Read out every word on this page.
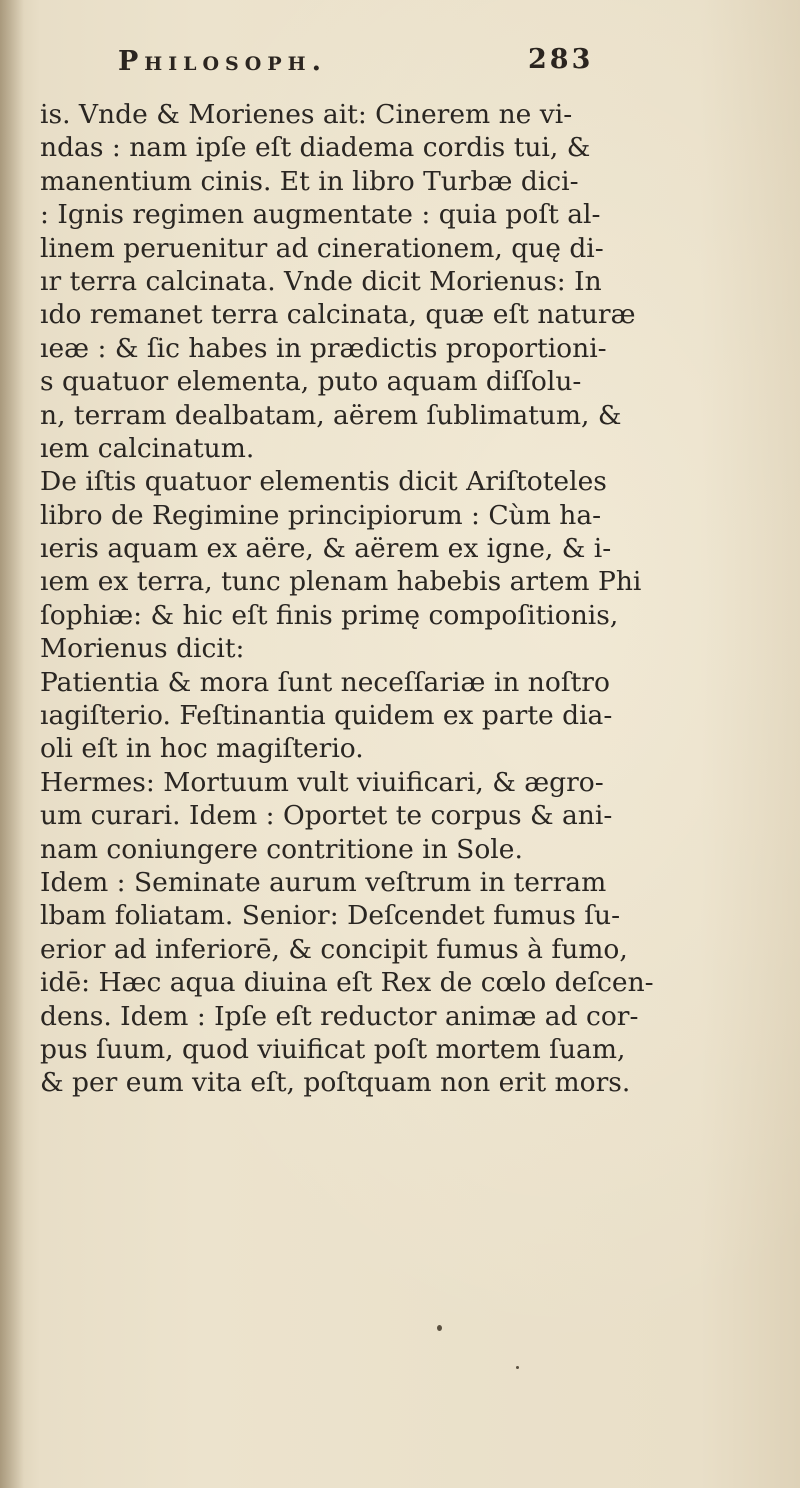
Philosoph.	283
is. Vnde & Morienes ait: Cinerem ne vi-
ndas : nam ipſe eſt diadema cordis tui, &
manentium cinis. Et in libro Turbæ dici-
: Ignis regimen augmentate : quia poſt al-
linem peruenitur ad cinerationem, quę di-
ır terra calcinata. Vnde dicit Morienus: In
ıdo remanet terra calcinata, quæ eſt naturæ
ıeæ : & ſic habes in prædictis proportioni-
s quatuor elementa, puto aquam diſſolu-
n, terram dealbatam, aërem ſublimatum, &
ıem calcinatum.
De iſtis quatuor elementis dicit Ariſtoteles
libro de Regimine principiorum : Cùm ha-
ıeris aquam ex aëre, & aërem ex igne, & i-
ıem ex terra, tunc plenam habebis artem Phi
ſophiæ: & hic eſt finis primę compoſitionis,
Morienus dicit:
Patientia & mora ſunt neceſſariæ in noſtro
ıagiſterio. Feſtinantia quidem ex parte dia-
oli eſt in hoc magiſterio.
Hermes: Mortuum vult viuificari, & ægro-
um curari. Idem : Oportet te corpus & ani-
nam coniungere contritione in Sole.
Idem : Seminate aurum veſtrum in terram
lbam foliatam. Senior: Deſcendet fumus ſu-
erior ad inferiorē, & concipit fumus à fumo,
idē: Hæc aqua diuina eſt Rex de cœlo deſcen-
dens. Idem : Ipſe eſt reductor animæ ad cor-
pus ſuum, quod viuificat poſt mortem ſuam,
& per eum vita eſt, poſtquam non erit mors.
